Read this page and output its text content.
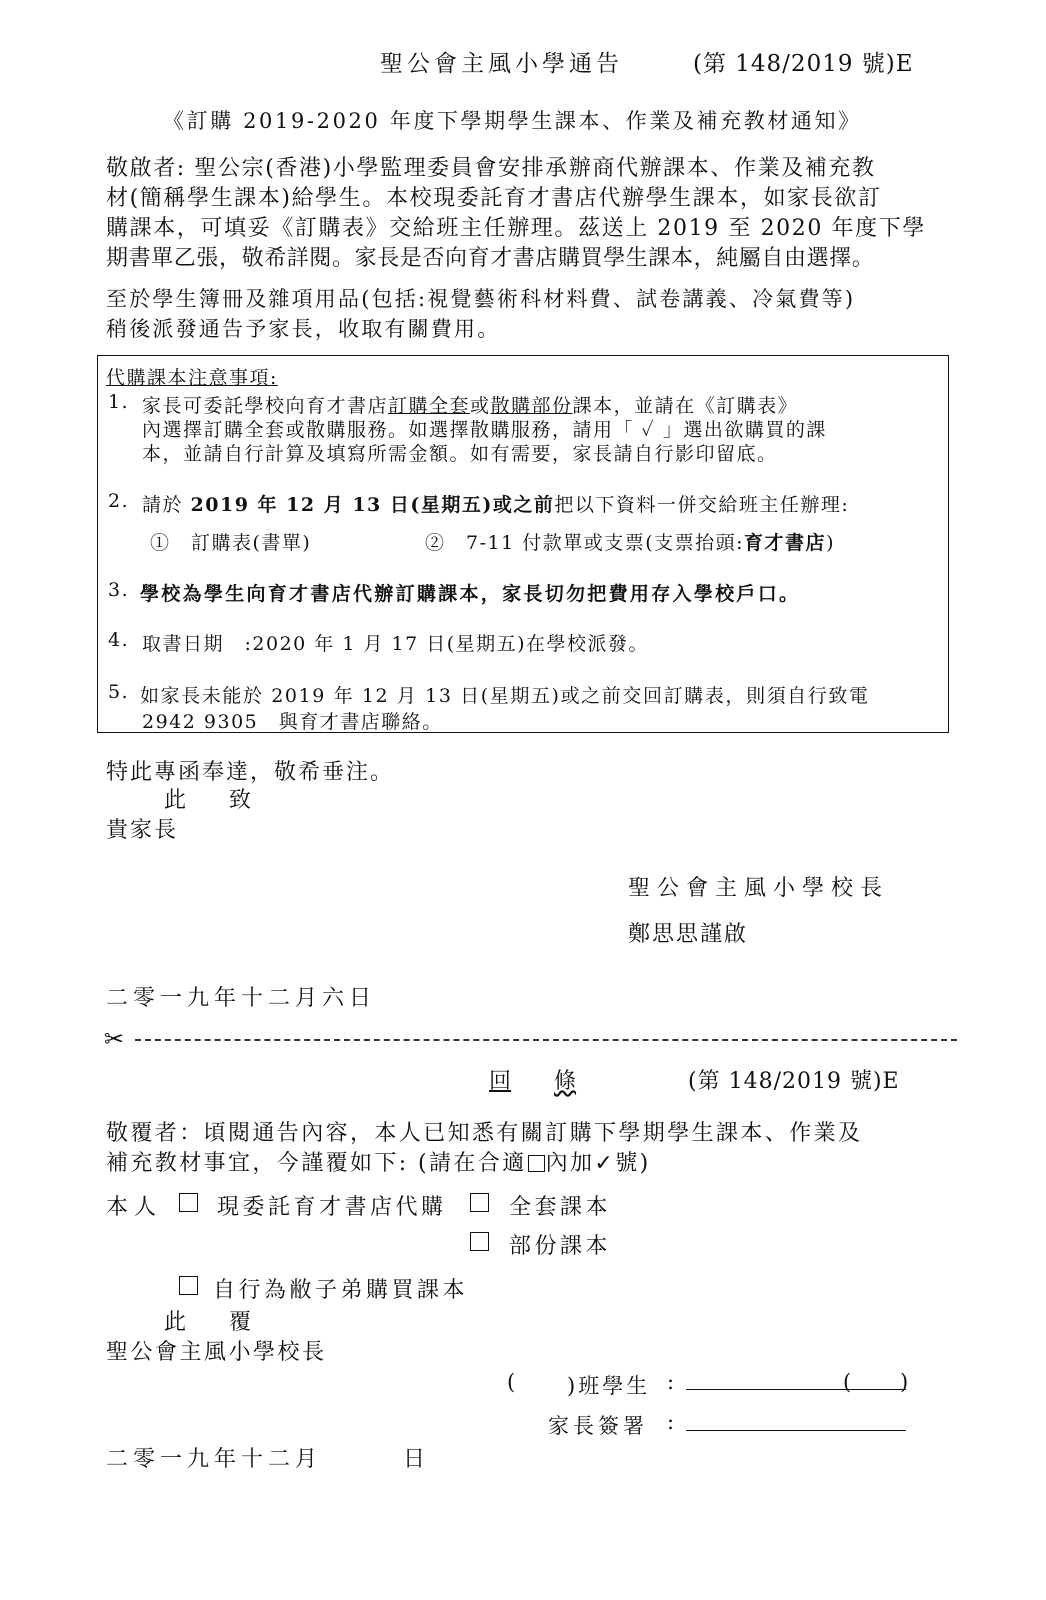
聖公會主風小學通告	(第 148/2019 號)E
《訂購 2019-2020 年度下學期學生課本、作業及補充教材通知》
敬啟者: 聖公宗(香港)小學監理委員會安排承辦商代辦課本、作業及補充教
材(簡稱學生課本)給學生。本校現委託育才書店代辦學生課本，如家長欲訂
購課本，可填妥《訂購表》交給班主任辦理。茲送上 2019 至 2020 年度下學
期書單乙張，敬希詳閱。家長是否向育才書店購買學生課本，純屬自由選擇。
至於學生簿冊及雜項用品(包括:視覺藝術科材料費、試卷講義、冷氣費等)
稍後派發通告予家長，收取有關費用。
代購課本注意事項:
1. 家長可委託學校向育才書店訂購全套或散購部份課本，並請在《訂購表》
內選擇訂購全套或散購服務。如選擇散購服務，請用「 ✓ 」選出欲購買的課
本，並請自行計算及填寫所需金額。如有需要，家長請自行影印留底。
2. 請於 2019 年 12 月 13 日(星期五)或之前把以下資料一併交給班主任辦理:
①　訂購表(書單)	②　7-11 付款單或支票(支票抬頭:育才書店)
3. 學校為學生向育才書店代辦訂購課本，家長切勿把費用存入學校戶口。
4. 取書日期　:2020 年 1 月 17 日(星期五)在學校派發。
5. 如家長未能於 2019 年 12 月 13 日(星期五)或之前交回訂購表，則須自行致電
2942 9305　與育才書店聯絡。
特此專函奉達，敬希垂注。
此 致
貴家長
聖公會主風小學校長
鄭思思謹啟
二零一九年十二月六日
✂
回 條	(第 148/2019 號)E
敬覆者：頃閱通告內容，本人已知悉有關訂購下學期學生課本、作業及
補充教材事宜，今謹覆如下: (請在合適 內加✓號)
本人 現委託育才書店代購	全套課本
部份課本
自行為敝子弟購買課本
此 覆
聖公會主風小學校長
( )班學生 :	( )
家長簽署 :
二零一九年十二月　　　日
